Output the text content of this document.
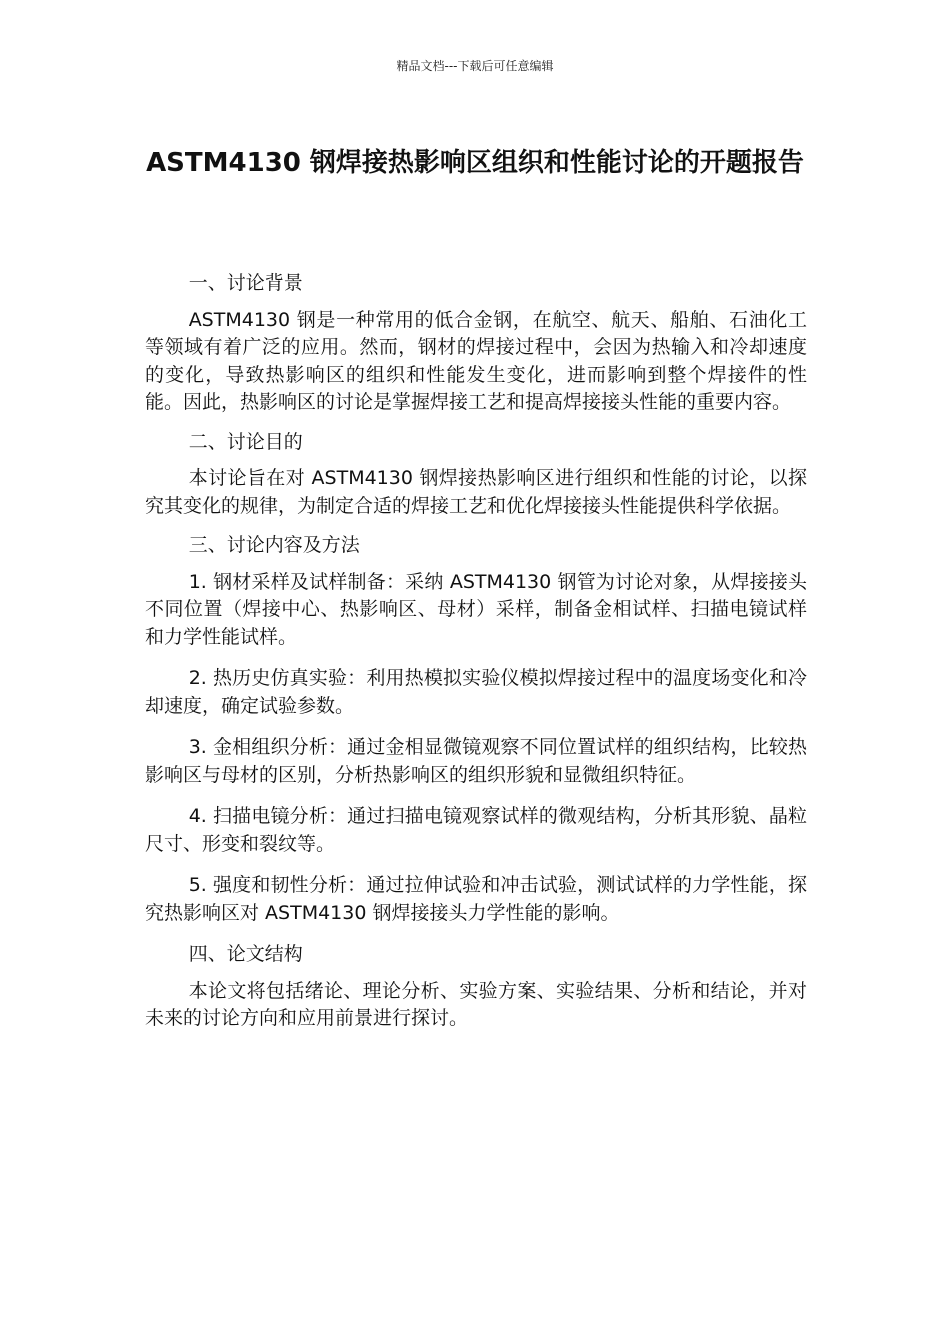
精品文档---下载后可任意编辑
ASTM4130 钢焊接热影响区组织和性能讨论的开题报告

一、讨论背景

ASTM4130 钢是一种常用的低合金钢，在航空、航天、船舶、石油化工等领域有着广泛的应用。然而，钢材的焊接过程中，会因为热输入和冷却速度的变化，导致热影响区的组织和性能发生变化，进而影响到整个焊接件的性能。因此，热影响区的讨论是掌握焊接工艺和提高焊接接头性能的重要内容。

二、讨论目的

本讨论旨在对 ASTM4130 钢焊接热影响区进行组织和性能的讨论，以探究其变化的规律，为制定合适的焊接工艺和优化焊接接头性能提供科学依据。

三、讨论内容及方法

1. 钢材采样及试样制备：采纳 ASTM4130 钢管为讨论对象，从焊接接头不同位置（焊接中心、热影响区、母材）采样，制备金相试样、扫描电镜试样和力学性能试样。

2. 热历史仿真实验：利用热模拟实验仪模拟焊接过程中的温度场变化和冷却速度，确定试验参数。

3. 金相组织分析：通过金相显微镜观察不同位置试样的组织结构，比较热影响区与母材的区别，分析热影响区的组织形貌和显微组织特征。

4. 扫描电镜分析：通过扫描电镜观察试样的微观结构，分析其形貌、晶粒尺寸、形变和裂纹等。

5. 强度和韧性分析：通过拉伸试验和冲击试验，测试试样的力学性能，探究热影响区对 ASTM4130 钢焊接接头力学性能的影响。

四、论文结构

本论文将包括绪论、理论分析、实验方案、实验结果、分析和结论，并对未来的讨论方向和应用前景进行探讨。
